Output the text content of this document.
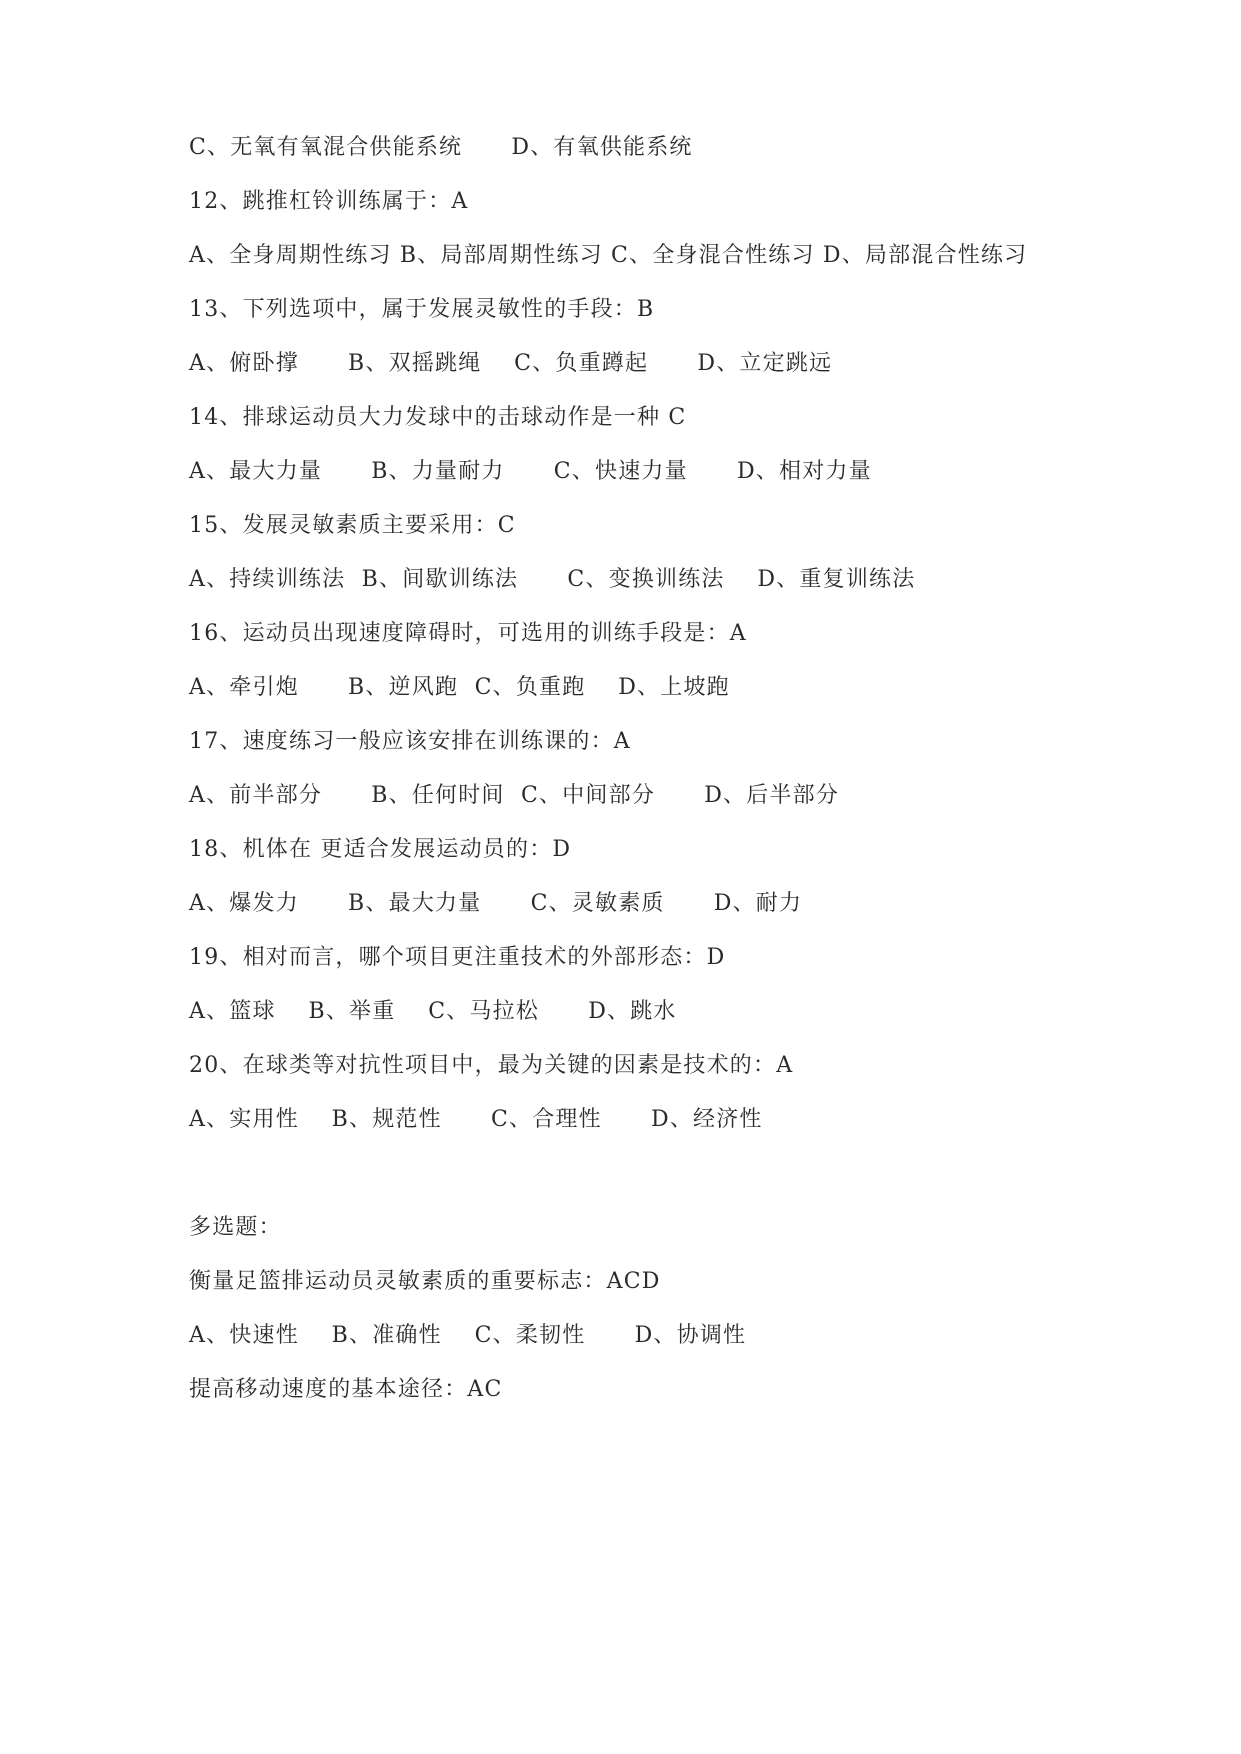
C、无氧有氧混合供能系统      D、有氧供能系统
12、跳推杠铃训练属于：A
A、全身周期性练习 B、局部周期性练习 C、全身混合性练习 D、局部混合性练习
13、下列选项中，属于发展灵敏性的手段：B
A、俯卧撑      B、双摇跳绳    C、负重蹲起      D、立定跳远
14、排球运动员大力发球中的击球动作是一种 C
A、最大力量      B、力量耐力      C、快速力量      D、相对力量
15、发展灵敏素质主要采用：C
A、持续训练法  B、间歇训练法      C、变换训练法    D、重复训练法
16、运动员出现速度障碍时，可选用的训练手段是：A
A、牵引炮      B、逆风跑  C、负重跑    D、上坡跑
17、速度练习一般应该安排在训练课的：A
A、前半部分      B、任何时间  C、中间部分      D、后半部分
18、机体在 更适合发展运动员的：D
A、爆发力      B、最大力量      C、灵敏素质      D、耐力
19、相对而言，哪个项目更注重技术的外部形态：D
A、篮球    B、举重    C、马拉松      D、跳水
20、在球类等对抗性项目中，最为关键的因素是技术的：A
A、实用性    B、规范性      C、合理性      D、经济性
多选题：
衡量足篮排运动员灵敏素质的重要标志：ACD
A、快速性    B、准确性    C、柔韧性      D、协调性
提高移动速度的基本途径：AC
